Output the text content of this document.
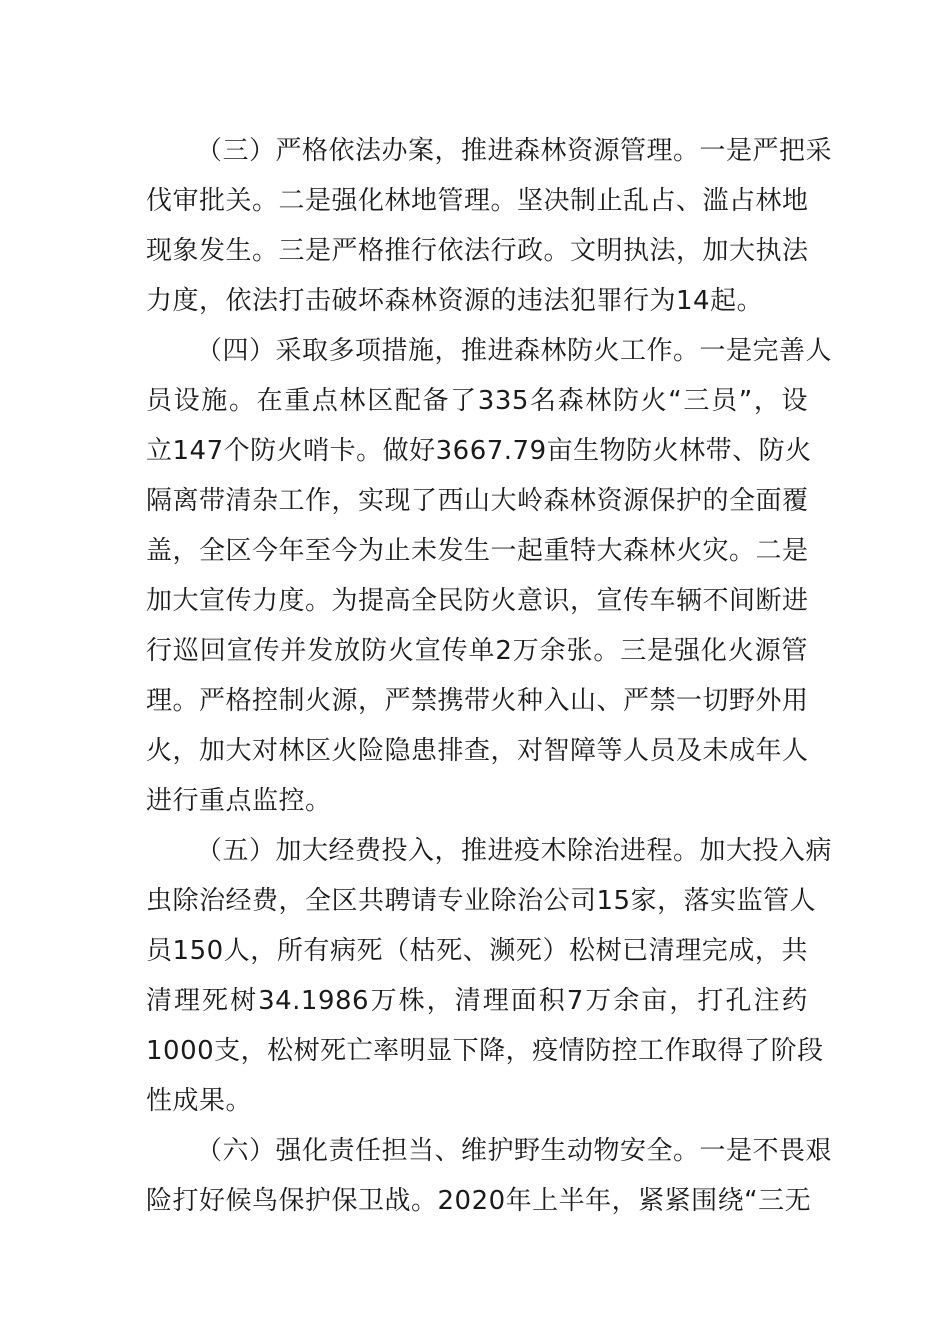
（三）严格依法办案，推进森林资源管理。一是严把采
伐审批关。二是强化林地管理。坚决制止乱占、滥占林地
现象发生。三是严格推行依法行政。文明执法，加大执法
力度，依法打击破坏森林资源的违法犯罪行为14起。
（四）采取多项措施，推进森林防火工作。一是完善人
员设施。在重点林区配备了335名森林防火“三员”，设
立147个防火哨卡。做好3667.79亩生物防火林带、防火
隔离带清杂工作，实现了西山大岭森林资源保护的全面覆
盖，全区今年至今为止未发生一起重特大森林火灾。二是
加大宣传力度。为提高全民防火意识，宣传车辆不间断进
行巡回宣传并发放防火宣传单2万余张。三是强化火源管
理。严格控制火源，严禁携带火种入山、严禁一切野外用
火，加大对林区火险隐患排查，对智障等人员及未成年人
进行重点监控。
（五）加大经费投入，推进疫木除治进程。加大投入病
虫除治经费，全区共聘请专业除治公司15家，落实监管人
员150人，所有病死（枯死、濒死）松树已清理完成，共
清理死树34.1986万株，清理面积7万余亩，打孔注药
1000支，松树死亡率明显下降，疫情防控工作取得了阶段
性成果。
（六）强化责任担当、维护野生动物安全。一是不畏艰
险打好候鸟保护保卫战。2020年上半年，紧紧围绕“三无
